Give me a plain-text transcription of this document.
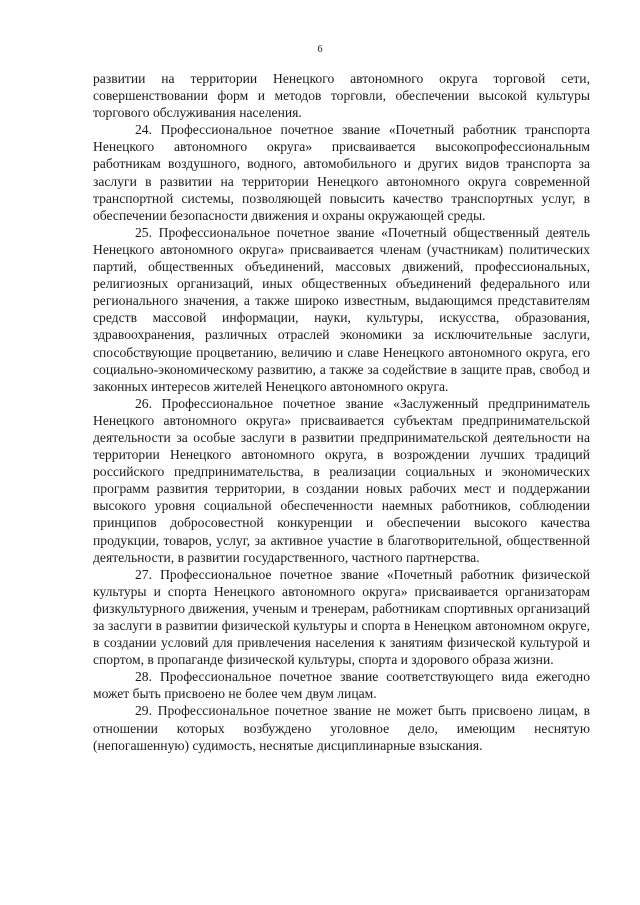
6

развитии на территории Ненецкого автономного округа торговой сети, совершенствовании форм и методов торговли, обеспечении высокой культуры торгового обслуживания населения.

24. Профессиональное почетное звание «Почетный работник транспорта Ненецкого автономного округа» присваивается высокопрофессиональным работникам воздушного, водного, автомобильного и других видов транспорта за заслуги в развитии на территории Ненецкого автономного округа современной транспортной системы, позволяющей повысить качество транспортных услуг, в обеспечении безопасности движения и охраны окружающей среды.

25. Профессиональное почетное звание «Почетный общественный деятель Ненецкого автономного округа» присваивается членам (участникам) политических партий, общественных объединений, массовых движений, профессиональных, религиозных организаций, иных общественных объединений федерального или регионального значения, а также широко известным, выдающимся представителям средств массовой информации, науки, культуры, искусства, образования, здравоохранения, различных отраслей экономики за исключительные заслуги, способствующие процветанию, величию и славе Ненецкого автономного округа, его социально-экономическому развитию, а также за содействие в защите прав, свобод и законных интересов жителей Ненецкого автономного округа.

26. Профессиональное почетное звание «Заслуженный предприниматель Ненецкого автономного округа» присваивается субъектам предпринимательской деятельности за особые заслуги в развитии предпринимательской деятельности на территории Ненецкого автономного округа, в возрождении лучших традиций российского предпринимательства, в реализации социальных и экономических программ развития территории, в создании новых рабочих мест и поддержании высокого уровня социальной обеспеченности наемных работников, соблюдении принципов добросовестной конкуренции и обеспечении высокого качества продукции, товаров, услуг, за активное участие в благотворительной, общественной деятельности, в развитии государственного, частного партнерства.

27. Профессиональное почетное звание «Почетный работник физической культуры и спорта Ненецкого автономного округа» присваивается организаторам физкультурного движения, ученым и тренерам, работникам спортивных организаций за заслуги в развитии физической культуры и спорта в Ненецком автономном округе, в создании условий для привлечения населения к занятиям физической культурой и спортом, в пропаганде физической культуры, спорта и здорового образа жизни.

28. Профессиональное почетное звание соответствующего вида ежегодно может быть присвоено не более чем двум лицам.

29. Профессиональное почетное звание не может быть присвоено лицам, в отношении которых возбуждено уголовное дело, имеющим неснятую (непогашенную) судимость, неснятые дисциплинарные взыскания.
